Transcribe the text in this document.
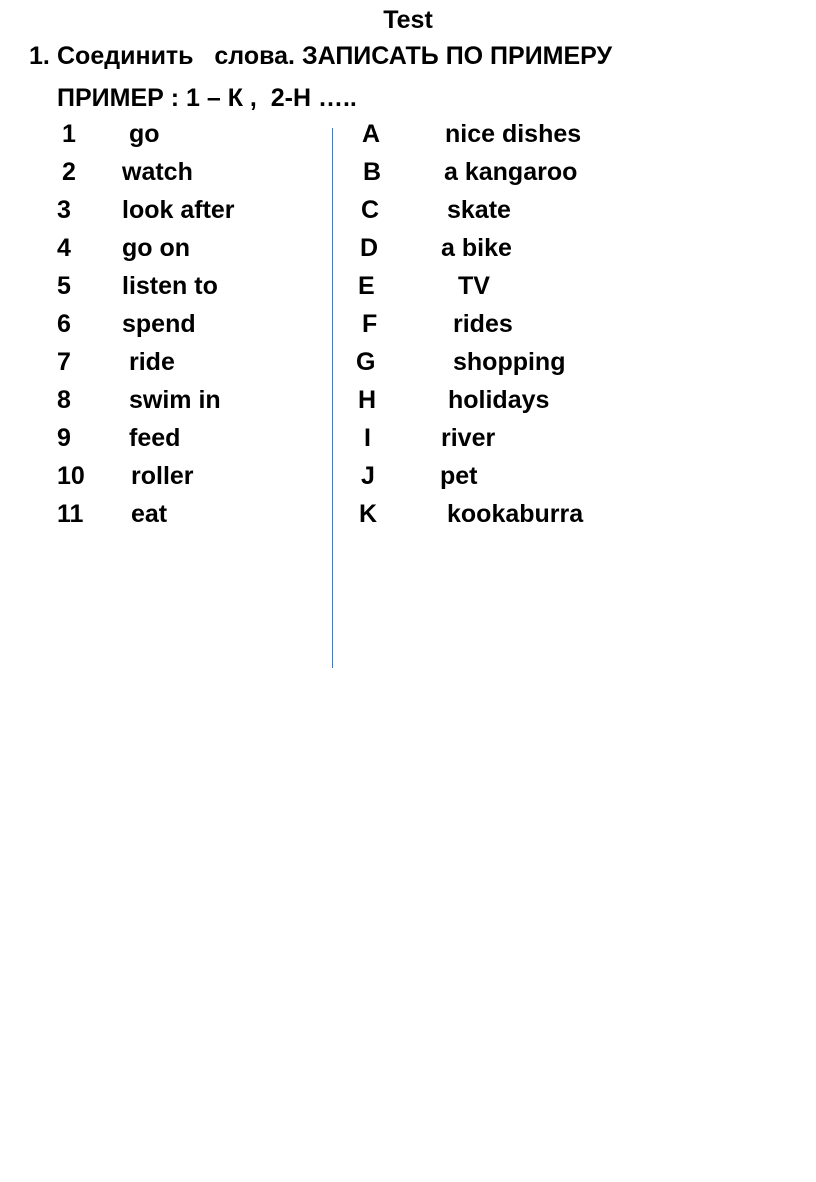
Test
1. Соединить   слова. ЗАПИСАТЬ ПО ПРИМЕРУ
ПРИМЕР : 1 – К ,  2-Н …..
1 go
2 watch
3 look after
4 go on
5 listen to
6 spend
7 ride
8 swim in
9 feed
10 roller
11 eat
A	nice dishes
B	a kangaroo
C	skate
D	a bike
E	TV
F	rides
G	shopping
H	holidays
I	river
J	pet
K	kookaburra
